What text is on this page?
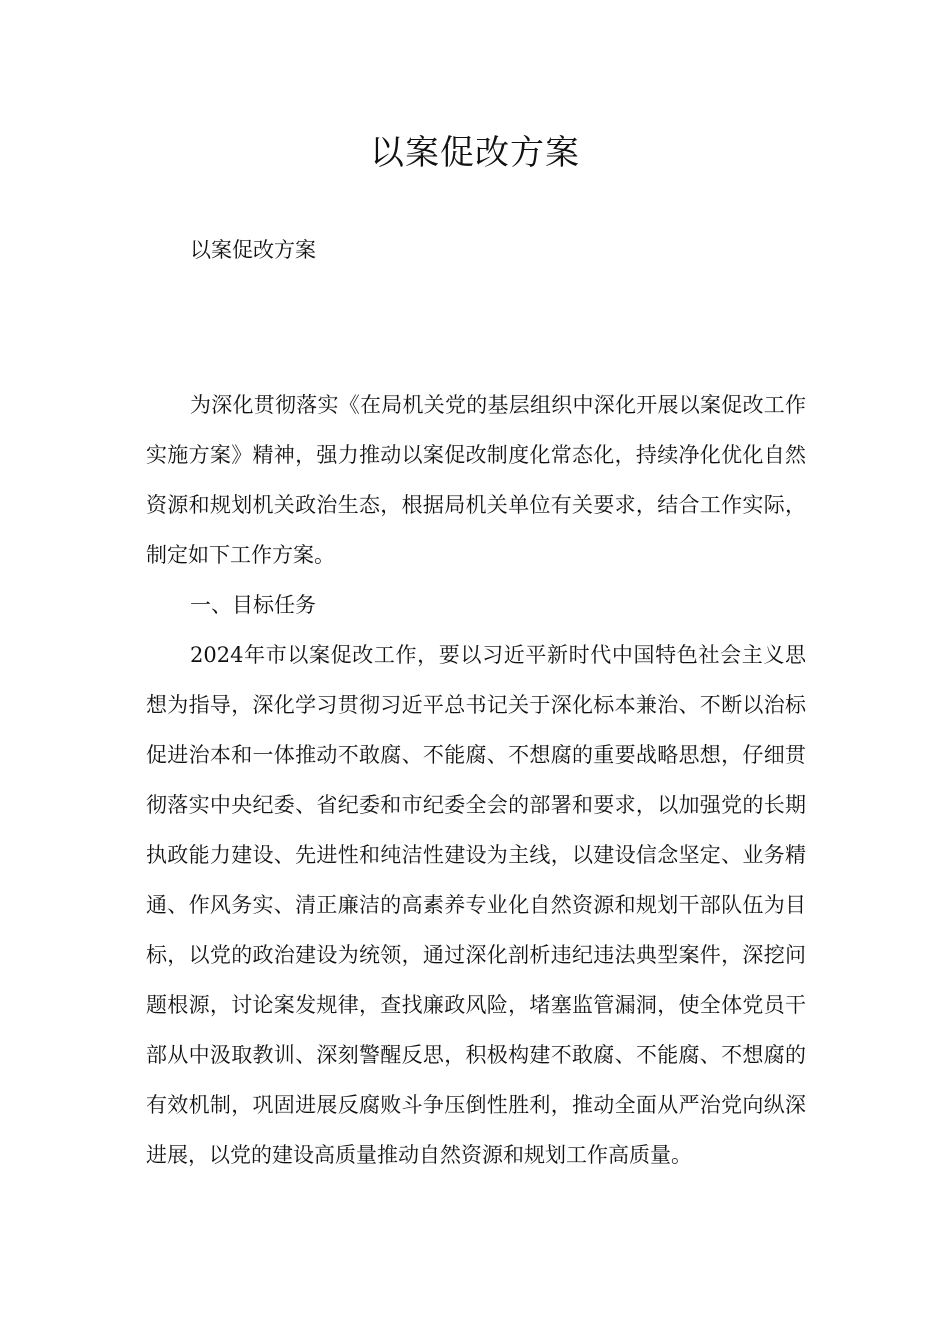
以案促改方案

以案促改方案

为深化贯彻落实《在局机关党的基层组织中深化开展以案促改工作实施方案》精神，强力推动以案促改制度化常态化，持续净化优化自然资源和规划机关政治生态，根据局机关单位有关要求，结合工作实际，制定如下工作方案。

一、目标任务

2024年市以案促改工作，要以习近平新时代中国特色社会主义思想为指导，深化学习贯彻习近平总书记关于深化标本兼治、不断以治标促进治本和一体推动不敢腐、不能腐、不想腐的重要战略思想，仔细贯彻落实中央纪委、省纪委和市纪委全会的部署和要求，以加强党的长期执政能力建设、先进性和纯洁性建设为主线，以建设信念坚定、业务精通、作风务实、清正廉洁的高素养专业化自然资源和规划干部队伍为目标，以党的政治建设为统领，通过深化剖析违纪违法典型案件，深挖问题根源，讨论案发规律，查找廉政风险，堵塞监管漏洞，使全体党员干部从中汲取教训、深刻警醒反思，积极构建不敢腐、不能腐、不想腐的有效机制，巩固进展反腐败斗争压倒性胜利，推动全面从严治党向纵深进展，以党的建设高质量推动自然资源和规划工作高质量。
